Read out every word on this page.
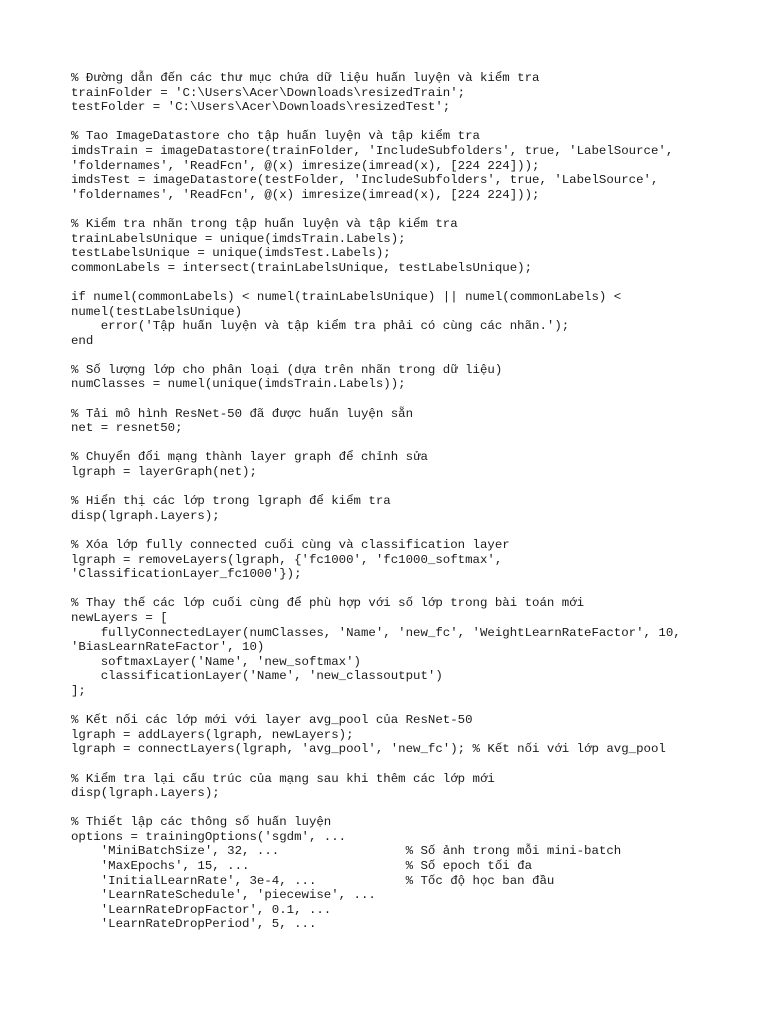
% Đường dẫn đến các thư mục chứa dữ liệu huấn luyện và kiểm tra
trainFolder = 'C:\Users\Acer\Downloads\resizedTrain';
testFolder = 'C:\Users\Acer\Downloads\resizedTest';
% Tao ImageDatastore cho tập huấn luyện và tập kiểm tra
imdsTrain = imageDatastore(trainFolder, 'IncludeSubfolders', true, 'LabelSource',
'foldernames', 'ReadFcn', @(x) imresize(imread(x), [224 224]));
imdsTest = imageDatastore(testFolder, 'IncludeSubfolders', true, 'LabelSource',
'foldernames', 'ReadFcn', @(x) imresize(imread(x), [224 224]));
% Kiểm tra nhãn trong tập huấn luyện và tập kiểm tra
trainLabelsUnique = unique(imdsTrain.Labels);
testLabelsUnique = unique(imdsTest.Labels);
commonLabels = intersect(trainLabelsUnique, testLabelsUnique);
if numel(commonLabels) < numel(trainLabelsUnique) || numel(commonLabels) <
numel(testLabelsUnique)
error('Tập huấn luyện và tập kiểm tra phải có cùng các nhãn.');
end
% Số lượng lớp cho phân loại (dựa trên nhãn trong dữ liệu)
numClasses = numel(unique(imdsTrain.Labels));
% Tải mô hình ResNet-50 đã được huấn luyện sẵn
net = resnet50;
% Chuyển đổi mạng thành layer graph để chỉnh sửa
lgraph = layerGraph(net);
% Hiển thị các lớp trong lgraph để kiểm tra
disp(lgraph.Layers);
% Xóa lớp fully connected cuối cùng và classification layer
lgraph = removeLayers(lgraph, {'fc1000', 'fc1000_softmax',
'ClassificationLayer_fc1000'});
% Thay thế các lớp cuối cùng để phù hợp với số lớp trong bài toán mới
newLayers = [
fullyConnectedLayer(numClasses, 'Name', 'new_fc', 'WeightLearnRateFactor', 10,
'BiasLearnRateFactor', 10)
softmaxLayer('Name', 'new_softmax')
classificationLayer('Name', 'new_classoutput')
];
% Kết nối các lớp mới với layer avg_pool của ResNet-50
lgraph = addLayers(lgraph, newLayers);
lgraph = connectLayers(lgraph, 'avg_pool', 'new_fc'); % Kết nối với lớp avg_pool
% Kiểm tra lại cấu trúc của mạng sau khi thêm các lớp mới
disp(lgraph.Layers);
% Thiết lập các thông số huấn luyện
options = trainingOptions('sgdm', ...
'MiniBatchSize', 32, ...                 % Số ảnh trong mỗi mini-batch
'MaxEpochs', 15, ...                     % Số epoch tối đa
'InitialLearnRate', 3e-4, ...            % Tốc độ học ban đầu
'LearnRateSchedule', 'piecewise', ...
'LearnRateDropFactor', 0.1, ...
'LearnRateDropPeriod', 5, ...
